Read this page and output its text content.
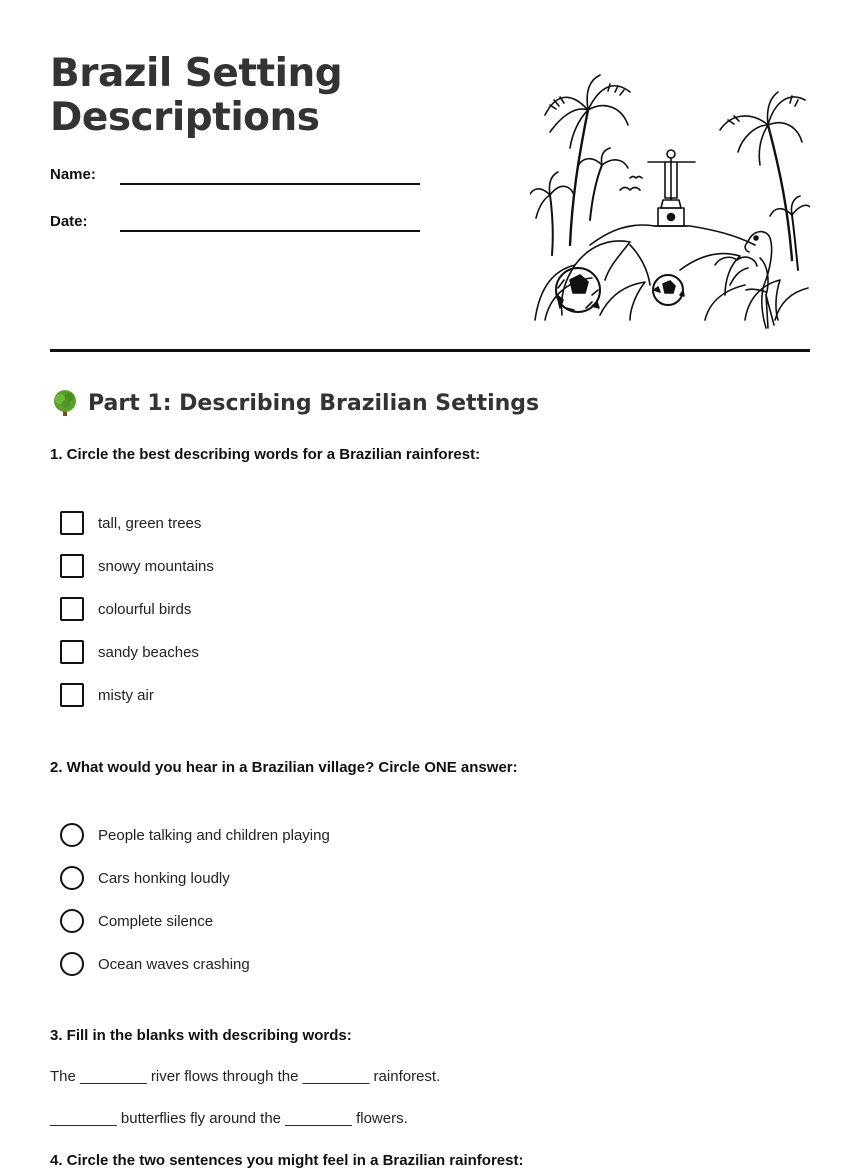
Brazil Setting
Descriptions
Name:
Date:
Part 1: Describing Brazilian Settings
1. Circle the best describing words for a Brazilian rainforest:
tall, green trees
snowy mountains
colourful birds
sandy beaches
misty air
2. What would you hear in a Brazilian village? Circle ONE answer:
People talking and children playing
Cars honking loudly
Complete silence
Ocean waves crashing
3. Fill in the blanks with describing words:
The ________ river flows through the ________ rainforest.
________ butterflies fly around the ________ flowers.
4. Circle the two sentences you might feel in a Brazilian rainforest:
